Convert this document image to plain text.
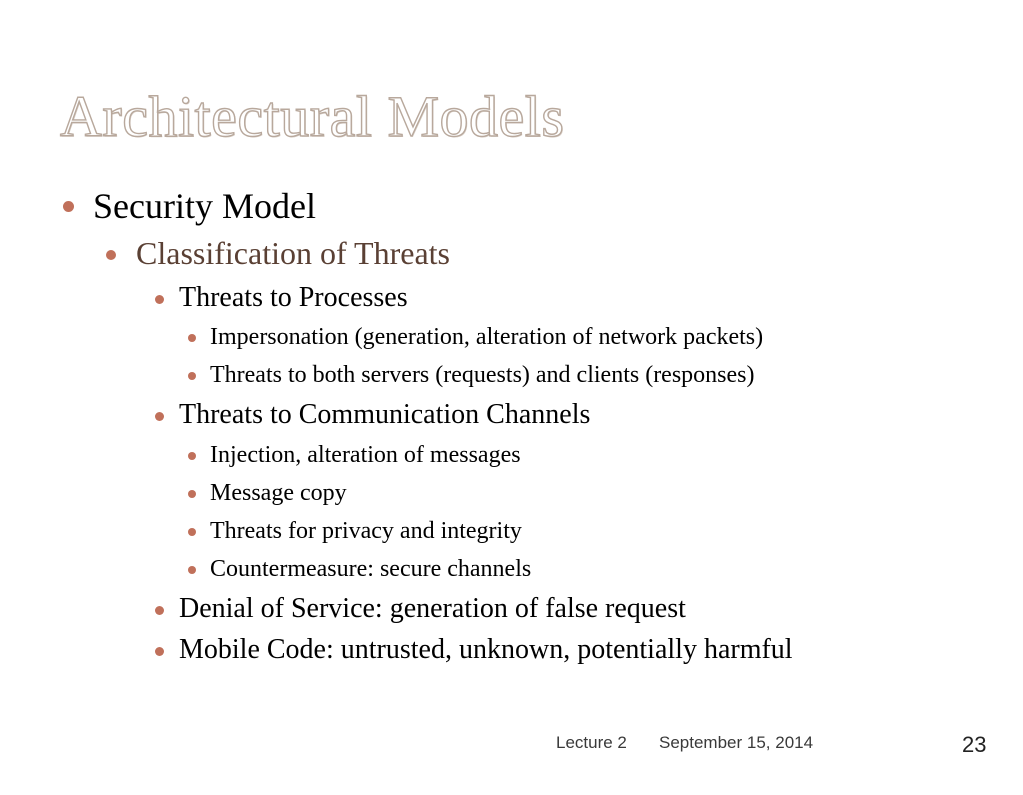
Architectural Models
Security Model
Classification of Threats
Threats to Processes
Impersonation (generation, alteration of network packets)
Threats to both servers (requests) and clients (responses)
Threats to Communication Channels
Injection, alteration of messages
Message copy
Threats for privacy and integrity
Countermeasure: secure channels
Denial of Service: generation of false request
Mobile Code: untrusted, unknown, potentially harmful
Lecture 2 September 15, 2014	23
